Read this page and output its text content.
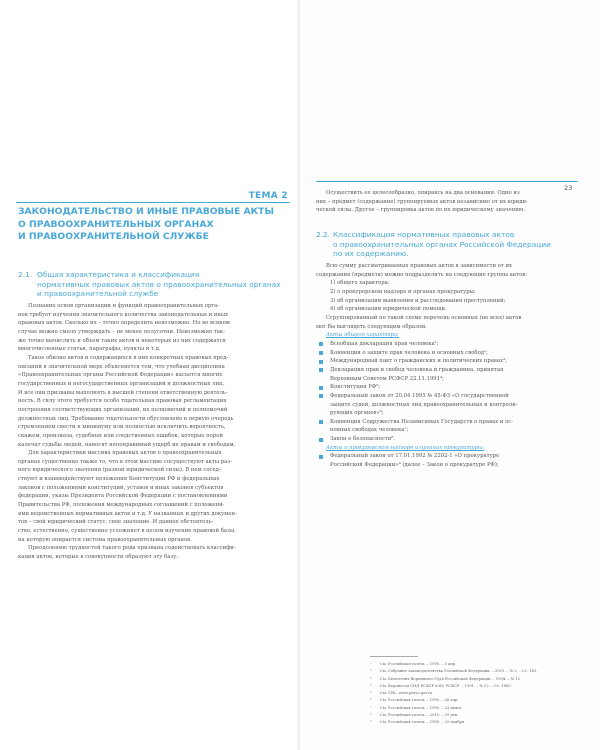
ТЕМА 2
ЗАКОНОДАТЕЛЬСТВО И ИНЫЕ ПРАВОВЫЕ АКТЫ
О ПРАВООХРАНИТЕЛЬНЫХ ОРГАНАХ
И ПРАВООХРАНИТЕЛЬНОЙ СЛУЖБЕ
2.1. Общая характеристика и классификация
нормативных правовых актов о правоохранительных органах
и правоохранительной службе
Познание основ организации и функций правоохранительных орга-
нов требует изучения значительного количества законодательных и иных
правовых актов. Сколько их – точно определить невозможно. Но во всяком
случае можно смело утверждать – не менее полусотни. Невозможно так-
же точно вычислить и объем таких актов и некоторых из них содержатся
многочисленные статьи, параграфы, пункты и т.д.
Такое обилие актов и содержащихся в них конкретных правовых пред-
писаний в значительной мере объясняется тем, что учебная дисциплина
«Правоохранительные органы Российской Федерации» касается многих
государственных и негосударственных организаций и должностных лиц.
И все они призваны выполнять в высшей степени ответственную деятель-
ность. В силу этого требуется особо тщательная правовая регламентация
построения соответствующих организаций, их полномочий и полномочий
должностных лиц. Требование тщательности обусловлено в первую очередь
стремлением свести к минимуму или полностью исключить вероятность,
скажем, произвола, судебных или следственных ошибок, которые порой
калечат судьбы людей, наносят непоправимый ущерб их правам и свободам.
Для характеристики массива правовых актов о правоохранительных
органах существенно также то, что в этом массиве сосуществуют акты раз-
ного юридического значения (разной юридической силы). В нем сосед-
ствуют и взаимодействуют положения Конституции РФ и федеральных
законов с положениями конституций, уставов и иных законов субъектов
федерации, указы Президента Российской Федерации с постановлениями
Правительства РФ, положения международных соглашений с положени-
ями ведомственных нормативных актов и т.д. У названных и других докумен-
тов – свой юридический статус, свое значение. И данное обстоятель-
ство, естественно, существенно усложняет в целом изучение правовой базы,
на которую опирается система правоохранительных органов.
Преодолению трудностей такого рода призвана содействовать классифи-
кация актов, которые в совокупности образуют эту базу.
23
Осуществить ее целесообразно, опираясь на два основания. Одно из
них – предмет (содержание) группируемых актов независимо от их юриди-
ческой силы. Другое – группировка актов по их юридическому значению.
2.2. Классификация нормативных правовых актов
о правоохранительных органах Российской Федерации
по их содержанию.
Всю сумму рассматриваемых правовых актов в зависимости от их
содержания (предмета) можно подразделить на следующие группы актов:
1) общего характера;
2) о прокурорском надзоре и органах прокуратуры;
3) об организации выявления и расследования преступлений;
4) об организации юридической помощи.
Сгруппированный по такой схеме перечень основных (не всех) актов
мог бы выглядеть следующим образом.
Акты общего характера:
Всеобщая декларация прав человека¹;
Конвенция о защите прав человека и основных свобод²;
Международный пакт о гражданских и политических правах³;
Декларация прав и свобод человека и гражданина, принятая
Верховным Советом РСФСР 22.11.1991⁴;
Конституция РФ⁵;
Федеральный закон от 20.04.1995 № 45-ФЗ «О государственной
защите судей, должностных лиц правоохранительных и контроли-
рующих органов»⁶;
Конвенция Содружества Независимых Государств о правах и ос-
новных свободах человека⁷;
Закон о безопасности⁸.
Акты о прокурорском надзоре и органах прокуратуры:
Федеральный закон от 17.01.1992 № 2202-1 «О прокуратуре
Российской Федерации»⁹ (далее – Закон о прокуратуре РФ);
¹ См. Российская газета. – 1995. – 5 апр.
² См. Собрание законодательства Российской Федерации. – 2001. – № 2. – Ст. 163.
³ См. Бюллетень Верховного Суда Российской Федерации. – 1994. – № 12.
⁴ См. Ведомости СНД РСФСР и ВС РСФСР. – 1991. – № 52. – Ст. 1865.
⁵ См. URL: www.pravo.gov.ru
⁶ См. Российская газета. – 1995. – 26 апр.
⁷ См. Российская газета. – 1995. – 23 июня.
⁸ См. Российская газета. – 2010. – 29 дек.
⁹ См. Российская газета. – 1995. – 25 ноября.
